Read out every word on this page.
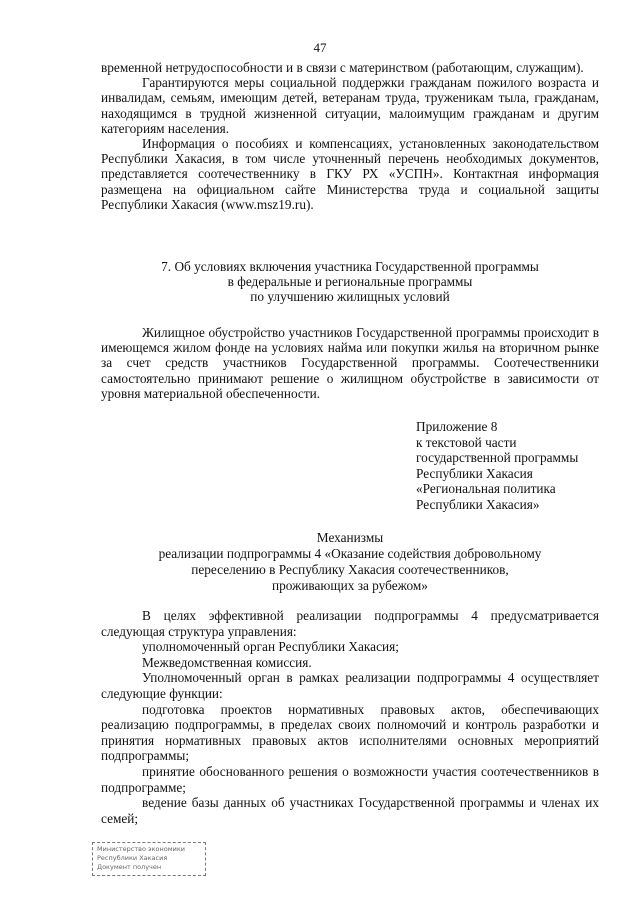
47

временной нетрудоспособности и в связи с материнством (работающим, служащим).

Гарантируются меры социальной поддержки гражданам пожилого возраста и инвалидам, семьям, имеющим детей, ветеранам труда, труженикам тыла, гражданам, находящимся в трудной жизненной ситуации, малоимущим гражданам и другим категориям населения.

Информация о пособиях и компенсациях, установленных законодательством Республики Хакасия, в том числе уточненный перечень необходимых документов, представляется соотечественнику в ГКУ РХ «УСПН». Контактная информация размещена на официальном сайте Министерства труда и социальной защиты Республики Хакасия (www.msz19.ru).

7. Об условиях включения участника Государственной программы

в федеральные и региональные программы

по улучшению жилищных условий

Жилищное обустройство участников Государственной программы происходит в имеющемся жилом фонде на условиях найма или покупки жилья на вторичном рынке за счет средств участников Государственной программы. Соотечественники самостоятельно принимают решение о жилищном обустройстве в зависимости от уровня материальной обеспеченности.

Приложение 8
к текстовой части
государственной программы
Республики Хакасия
«Региональная политика
Республики Хакасия»

Механизмы

реализации подпрограммы 4 «Оказание содействия добровольному

переселению в Республику Хакасия соотечественников,

проживающих за рубежом»

В целях эффективной реализации подпрограммы 4 предусматривается следующая структура управления:

уполномоченный орган Республики Хакасия;

Межведомственная комиссия.

Уполномоченный орган в рамках реализации подпрограммы 4 осуществляет следующие функции:

подготовка проектов нормативных правовых актов, обеспечивающих реализацию подпрограммы, в пределах своих полномочий и контроль разработки и принятия нормативных правовых актов исполнителями основных мероприятий подпрограммы;

принятие обоснованного решения о возможности участия соотечественников в подпрограмме;

ведение базы данных об участниках Государственной программы и членах их семей;

Министерство экономики
Республики Хакасия
Документ получен
